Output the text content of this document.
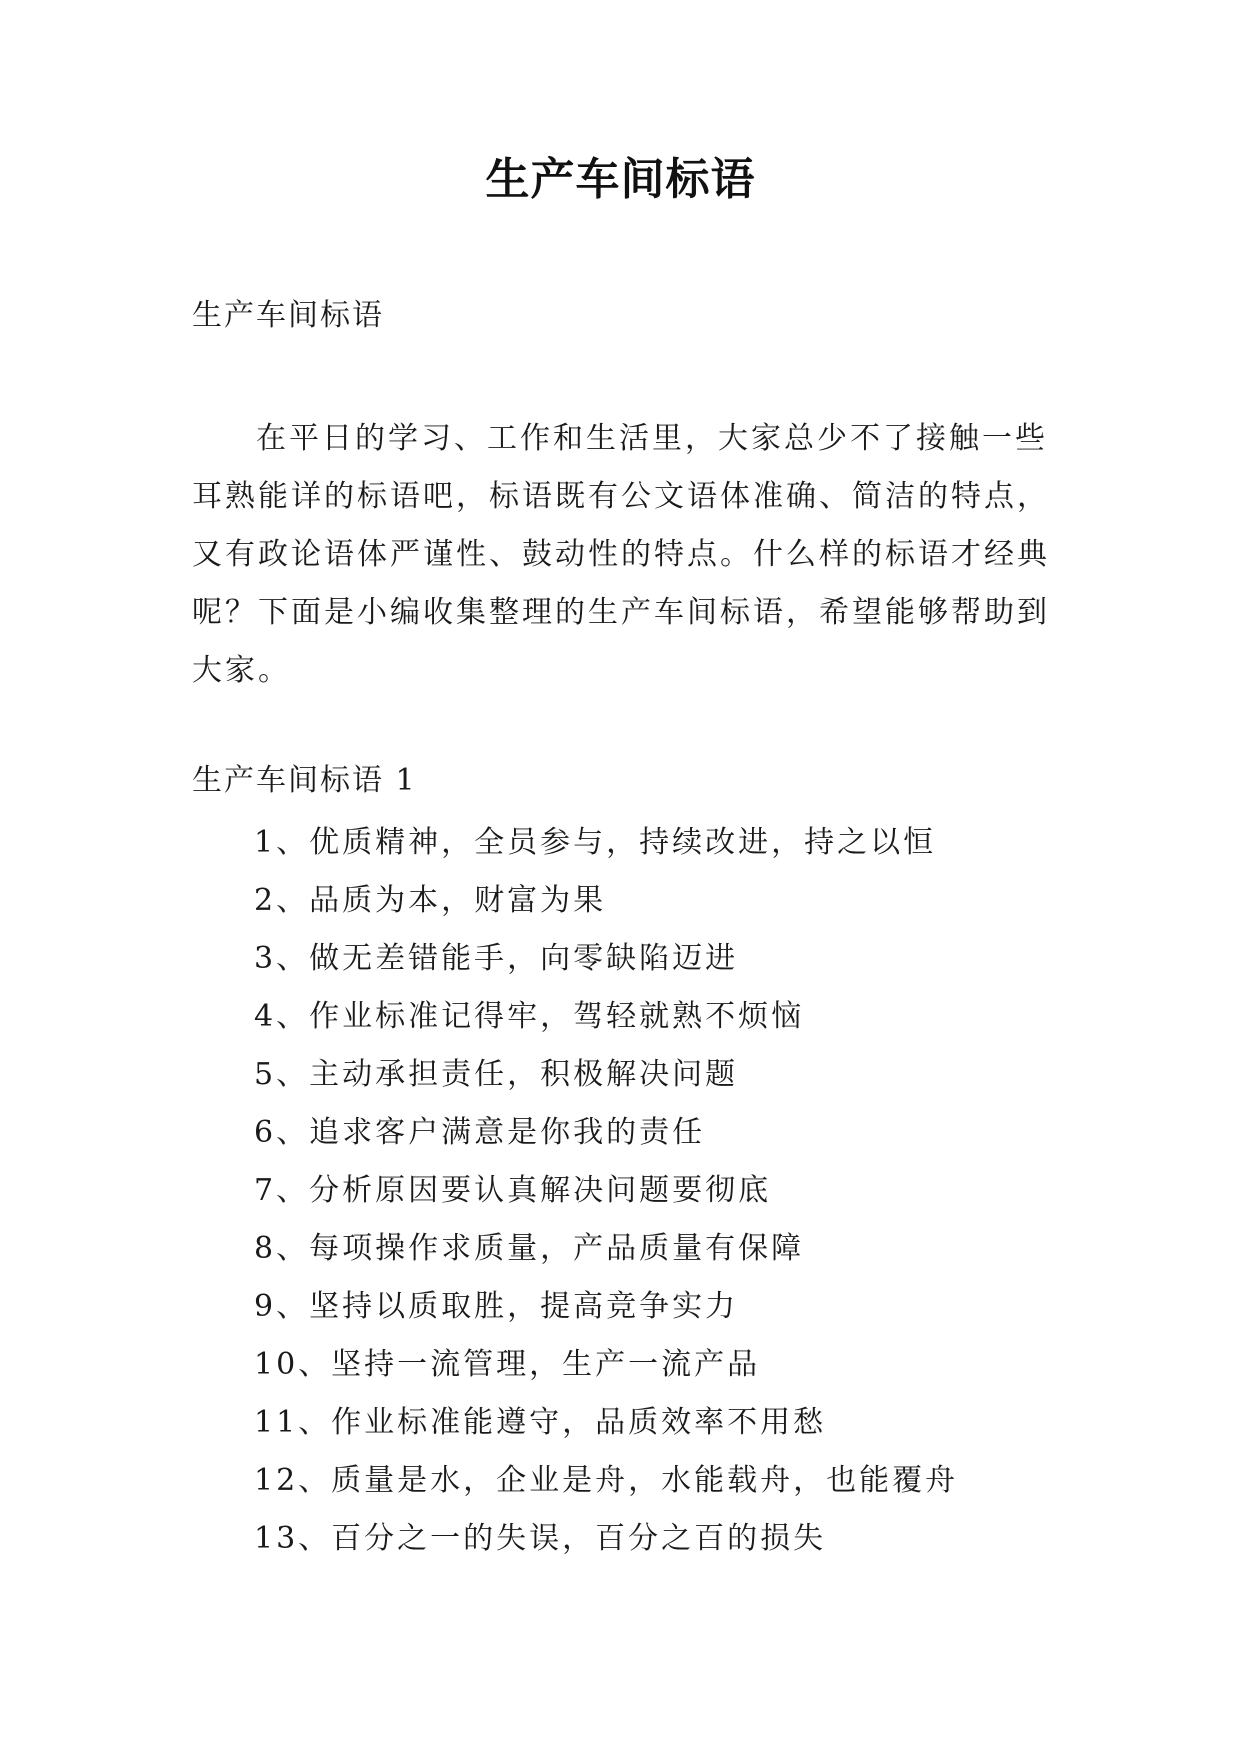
生产车间标语
生产车间标语

在平日的学习、工作和生活里，大家总少不了接触一些耳熟能详的标语吧，标语既有公文语体准确、简洁的特点，又有政论语体严谨性、鼓动性的特点。什么样的标语才经典呢？下面是小编收集整理的生产车间标语，希望能够帮助到大家。

生产车间标语 1
1、优质精神，全员参与，持续改进，持之以恒
2、品质为本，财富为果
3、做无差错能手，向零缺陷迈进
4、作业标准记得牢，驾轻就熟不烦恼
5、主动承担责任，积极解决问题
6、追求客户满意是你我的责任
7、分析原因要认真解决问题要彻底
8、每项操作求质量，产品质量有保障
9、坚持以质取胜，提高竞争实力
10、坚持一流管理，生产一流产品
11、作业标准能遵守，品质效率不用愁
12、质量是水，企业是舟，水能载舟，也能覆舟
13、百分之一的失误，百分之百的损失
